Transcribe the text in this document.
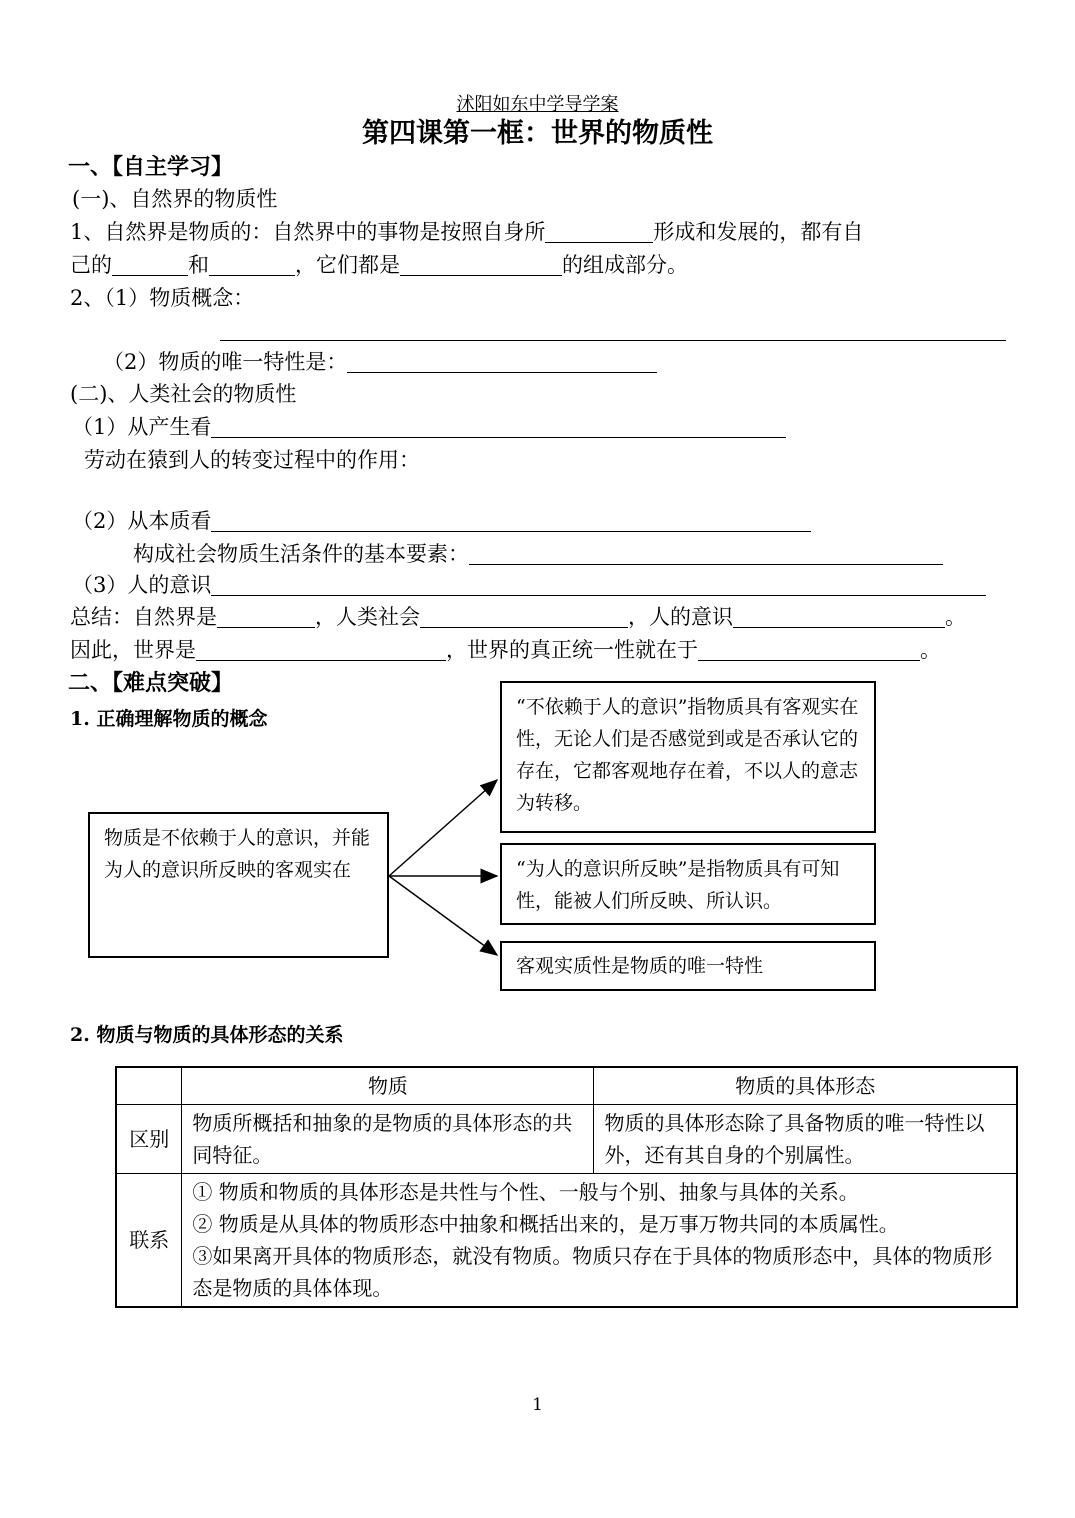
沭阳如东中学导学案
第四课第一框：世界的物质性
一、【自主学习】
(一)、自然界的物质性
1、自然界是物质的：自然界中的事物是按照自身所	形成和发展的，都有自
己的	和	，它们都是	的组成部分。
2、（1）物质概念：
（2）物质的唯一特性是：
(二)、人类社会的物质性
（1）从产生看
劳动在猿到人的转变过程中的作用：
（2）从本质看
构成社会物质生活条件的基本要素：
（3）人的意识
总结：自然界是	，人类社会	，人的意识	。
因此，世界是	，世界的真正统一性就在于	。
二、【难点突破】
1. 正确理解物质的概念
物质是不依赖于人的意识，并能为人的意识所反映的客观实在
“不依赖于人的意识”指物质具有客观实在性，无论人们是否感觉到或是否承认它的存在，它都客观地存在着，不以人的意志为转移。
“为人的意识所反映”是指物质具有可知性，能被人们所反映、所认识。
客观实质性是物质的唯一特性
2. 物质与物质的具体形态的关系
	物质	物质的具体形态
区别	物质所概括和抽象的是物质的具体形态的共同特征。	物质的具体形态除了具备物质的唯一特性以外，还有其自身的个别属性。
联系	① 物质和物质的具体形态是共性与个性、一般与个别、抽象与具体的关系。
② 物质是从具体的物质形态中抽象和概括出来的，是万事万物共同的本质属性。
③如果离开具体的物质形态，就没有物质。物质只存在于具体的物质形态中，具体的物质形态是物质的具体体现。	
1
